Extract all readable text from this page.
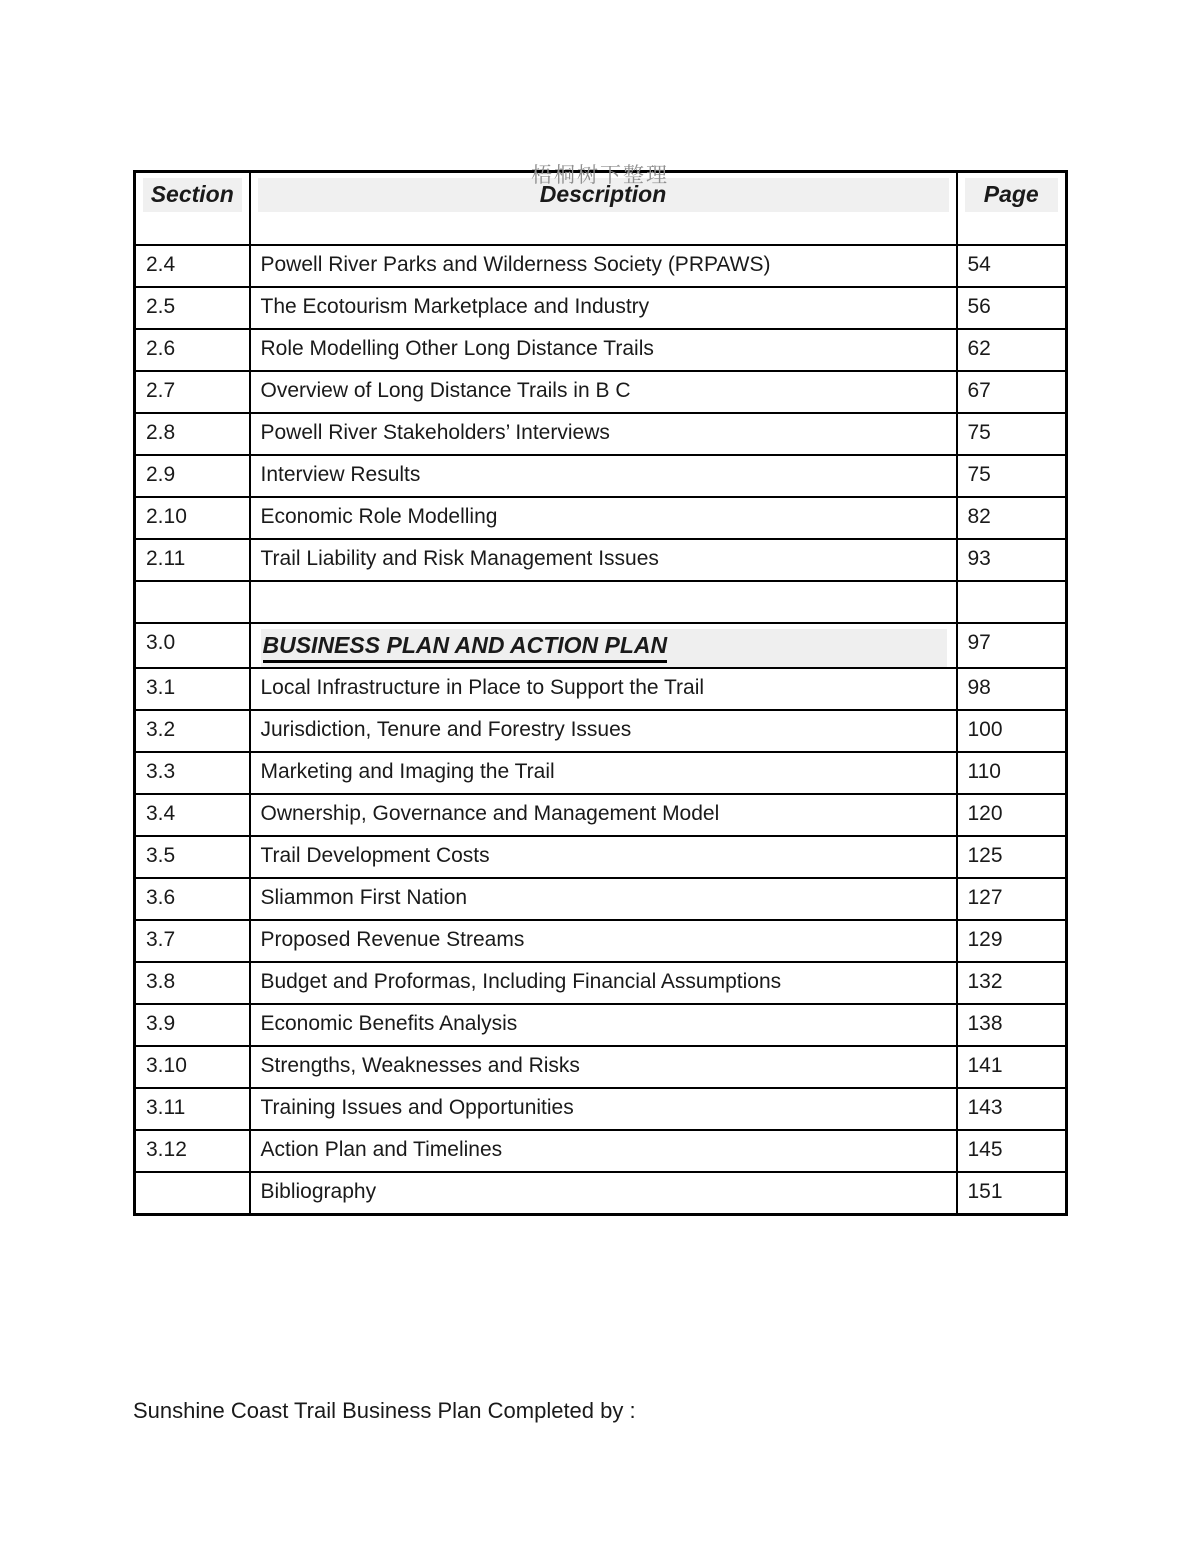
梧桐树下整理
Section	Description	Page

2.4	Powell River Parks and Wilderness Society (PRPAWS)	54
2.5	The Ecotourism Marketplace and Industry	56
2.6	Role Modelling Other Long Distance Trails	62
2.7	Overview of Long Distance Trails in B C	67
2.8	Powell River Stakeholders’ Interviews	75
2.9	Interview Results	75
2.10	Economic Role Modelling	82
2.11	Trail Liability and Risk Management Issues	93

3.0	BUSINESS PLAN AND ACTION PLAN	97
3.1	Local Infrastructure in Place to Support the Trail	98
3.2	Jurisdiction, Tenure and Forestry Issues	100
3.3	Marketing and Imaging the Trail	110
3.4	Ownership, Governance and Management Model	120
3.5	Trail Development Costs	125
3.6	Sliammon First Nation	127
3.7	Proposed Revenue Streams	129
3.8	Budget and Proformas, Including Financial Assumptions	132
3.9	Economic Benefits Analysis	138
3.10	Strengths, Weaknesses and Risks	141
3.11	Training Issues and Opportunities	143
3.12	Action Plan and Timelines	145
	Bibliography	151
Sunshine Coast Trail Business Plan Completed by :
